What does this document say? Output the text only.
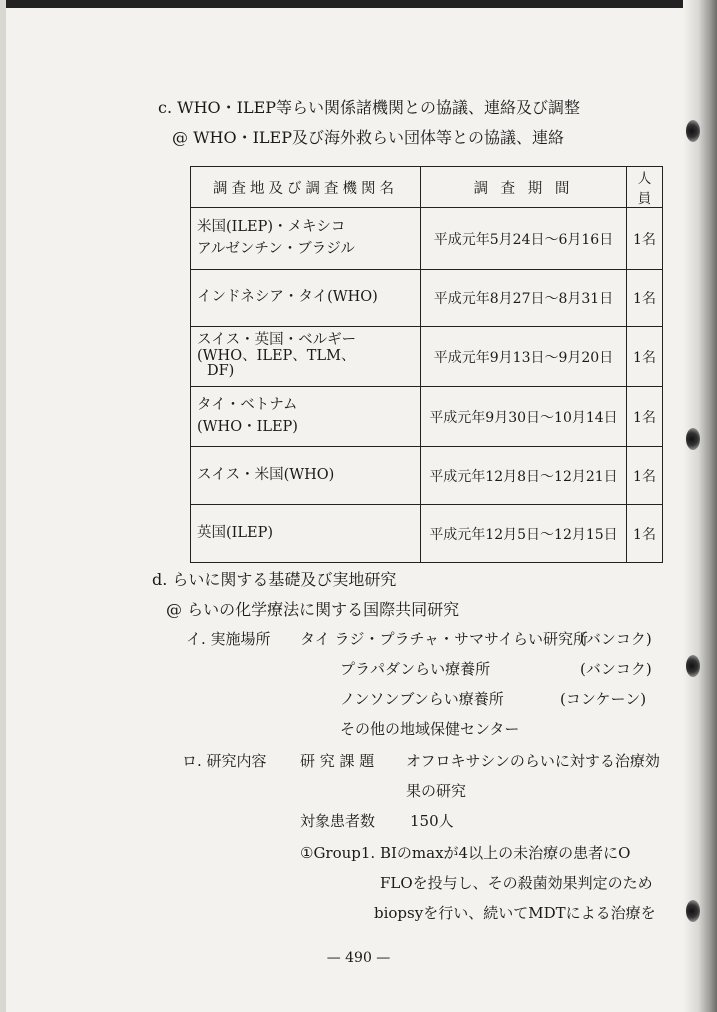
c. WHO・ILEP等らい関係諸機関との協議、連絡及び調整
@ WHO・ILEP及び海外救らい団体等との協議、連絡
調査地及び調査機関名	調 査 期 間	人員

米国(ILEP)・メキシコ
アルゼンチン・ブラジル	平成元年5月24日〜6月16日	1名

インドネシア・タイ(WHO)	平成元年8月27日〜8月31日	1名

スイス・英国・ベルギー
(WHO、ILEP、TLM、
DF)	平成元年9月13日〜9月20日	1名

タイ・ベトナム
(WHO・ILEP)	平成元年9月30日〜10月14日	1名

スイス・米国(WHO)	平成元年12月8日〜12月21日	1名

英国(ILEP)	平成元年12月5日〜12月15日	1名
d. らいに関する基礎及び実地研究
@ らいの化学療法に関する国際共同研究
イ. 実施場所 タイ ラジ・プラチャ・サマサイらい研究所
(バンコク)
プラパダンらい療養所	(バンコク)
ノンソンブンらい療養所	(コンケーン)
その他の地域保健センター
ロ. 研究内容 研 究 課 題 オフロキサシンのらいに対する治療効
果の研究
対象患者数 150人
①Group1. BIのmaxが4以上の未治療の患者にO
FLOを投与し、その殺菌効果判定のため
biopsyを行い、続いてMDTによる治療を
— 490 —
